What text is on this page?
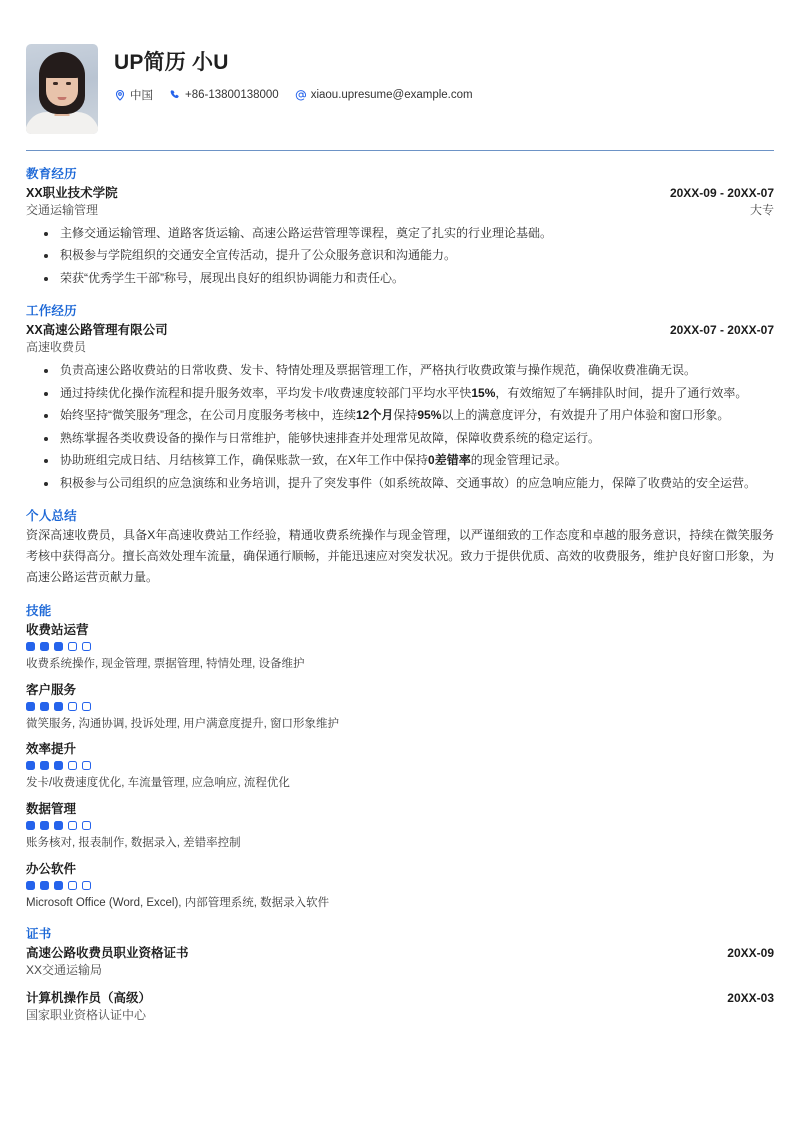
UP简历 小U
中国	+86-13800138000	xiaou.upresume@example.com
教育经历
XX职业技术学院	20XX-09 - 20XX-07
交通运输管理	大专
主修交通运输管理、道路客货运输、高速公路运营管理等课程，奠定了扎实的行业理论基础。
积极参与学院组织的交通安全宣传活动，提升了公众服务意识和沟通能力。
荣获“优秀学生干部”称号，展现出良好的组织协调能力和责任心。
工作经历
XX高速公路管理有限公司	20XX-07 - 20XX-07
高速收费员
负责高速公路收费站的日常收费、发卡、特情处理及票据管理工作，严格执行收费政策与操作规范，确保收费准确无误。
通过持续优化操作流程和提升服务效率，平均发卡/收费速度较部门平均水平快15%，有效缩短了车辆排队时间，提升了通行效率。
始终坚持“微笑服务”理念，在公司月度服务考核中，连续12个月保持95%以上的满意度评分，有效提升了用户体验和窗口形象。
熟练掌握各类收费设备的操作与日常维护，能够快速排查并处理常见故障，保障收费系统的稳定运行。
协助班组完成日结、月结核算工作，确保账款一致，在X年工作中保持0差错率的现金管理记录。
积极参与公司组织的应急演练和业务培训，提升了突发事件（如系统故障、交通事故）的应急响应能力，保障了收费站的安全运营。
个人总结

资深高速收费员，具备X年高速收费站工作经验，精通收费系统操作与现金管理，以严谨细致的工作态度和卓越的服务意识，持续在微笑服务考核中获得高分。擅长高效处理车流量，确保通行顺畅，并能迅速应对突发状况。致力于提供优质、高效的收费服务，维护良好窗口形象，为高速公路运营贡献力量。

技能
收费站运营
收费系统操作, 现金管理, 票据管理, 特情处理, 设备维护
客户服务
微笑服务, 沟通协调, 投诉处理, 用户满意度提升, 窗口形象维护
效率提升
发卡/收费速度优化, 车流量管理, 应急响应, 流程优化
数据管理
账务核对, 报表制作, 数据录入, 差错率控制
办公软件
Microsoft Office (Word, Excel), 内部管理系统, 数据录入软件
证书
高速公路收费员职业资格证书	20XX-09
XX交通运输局
计算机操作员（高级）	20XX-03
国家职业资格认证中心
